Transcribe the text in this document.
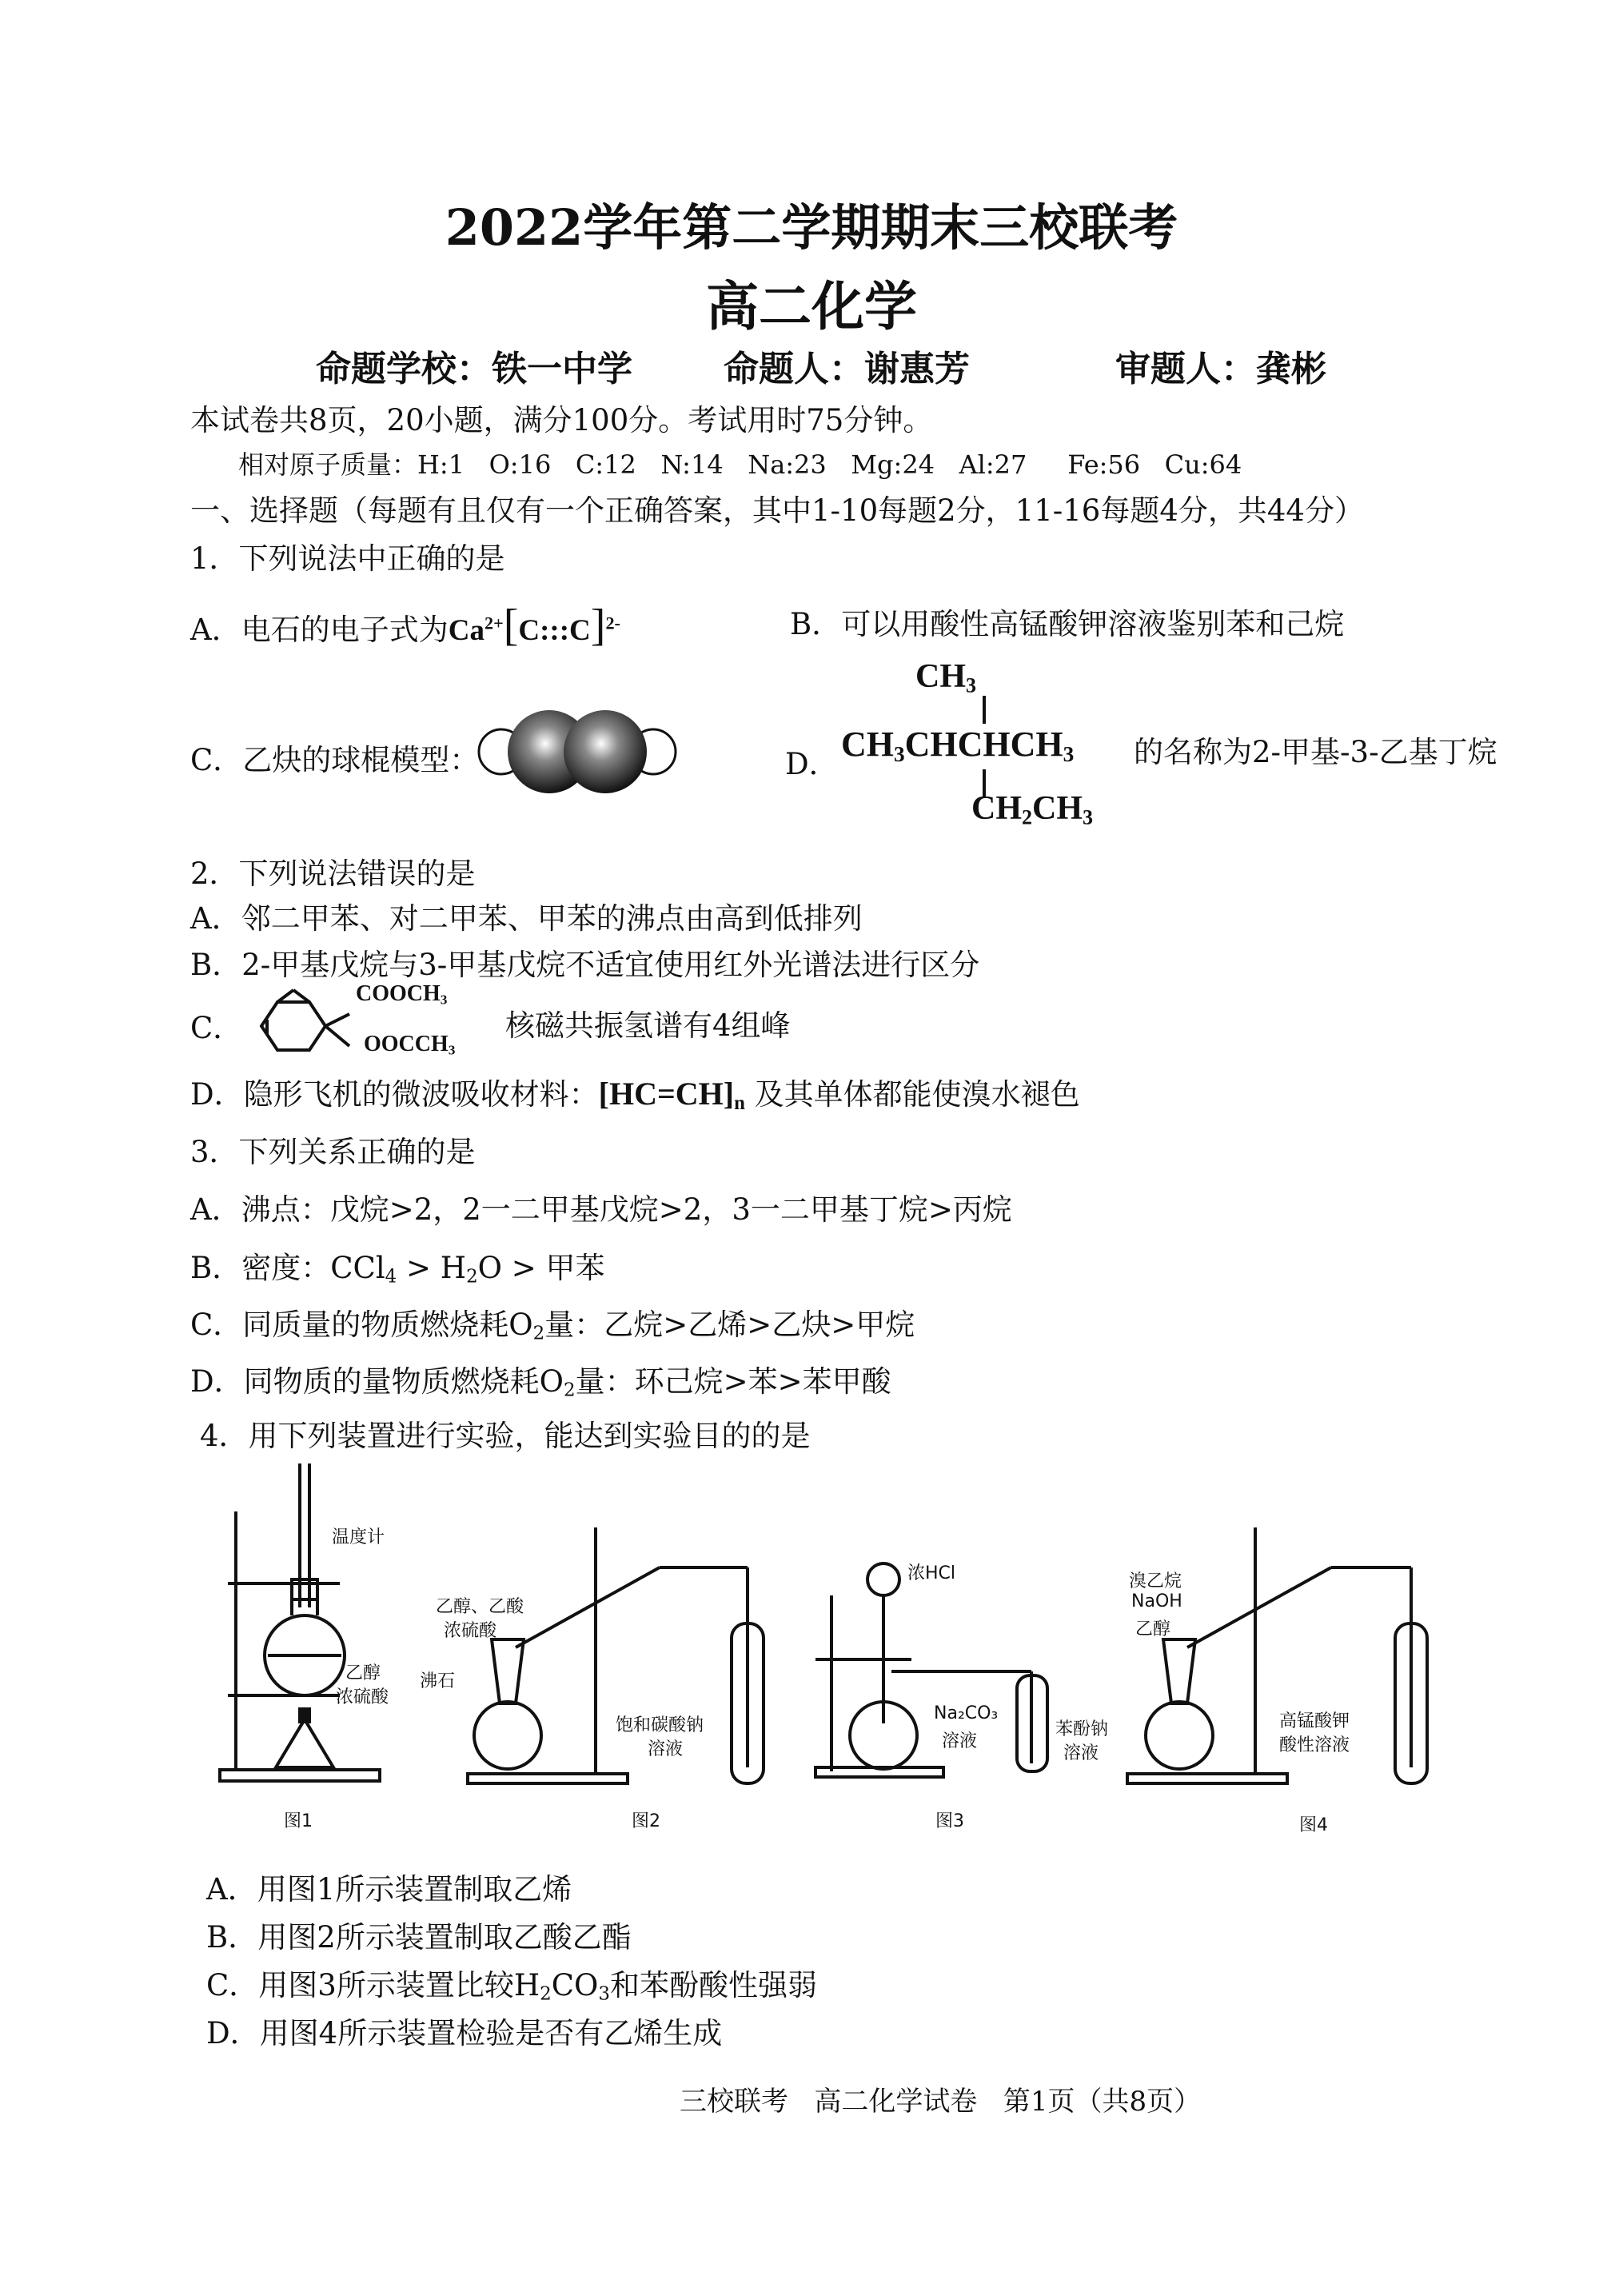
2022学年第二学期期末三校联考
高二化学
命题学校：铁一中学	命题人：谢惠芳	审题人：龚彬
本试卷共8页，20小题，满分100分。考试用时75分钟。
相对原子质量：H:1   O:16   C:12   N:14   Na:23   Mg:24   Al:27     Fe:56   Cu:64
一、选择题（每题有且仅有一个正确答案，其中1-10每题2分，11-16每题4分，共44分）
1．下列说法中正确的是
A．电石的电子式为$Ca^{2+}[C:::C]^{2-}$	B．可以用酸性高锰酸钾溶液鉴别苯和己烷
C．乙炔的球棍模型：
$CH_3$
D．
$CH_3CHCHCH_3$ 的名称为2-甲基-3-乙基丁烷
$CH_2CH_3$
2．下列说法错误的是
A．邻二甲苯、对二甲苯、甲苯的沸点由高到低排列
B．2-甲基戊烷与3-甲基戊烷不适宜使用红外光谱法进行区分
C．
$COOCH_3$
$OOCCH_3$
核磁共振氢谱有4组峰
D．隐形飞机的微波吸收材料：$[HC=CH]_n$ 及其单体都能使溴水褪色
3．下列关系正确的是
A．沸点：戊烷>2，2一二甲基戊烷>2，3一二甲基丁烷>丙烷
B．密度：$CCl_4 > H_2O$ > 甲苯
C．同质量的物质燃烧耗$O_2$量：乙烷>乙烯>乙炔>甲烷
D．同物质的量物质燃烧耗$O_2$量：环己烷>苯>苯甲酸
4．用下列装置进行实验，能达到实验目的的是
温度计
乙醇
浓硫酸
图1
乙醇、乙酸
浓硫酸
沸石
饱和碳酸钠
溶液
图2
浓HCl
Na₂CO₃
溶液
苯酚钠
溶液
图3
溴乙烷
NaOH
乙醇
高锰酸钾
酸性溶液
图4
A．用图1所示装置制取乙烯
B．用图2所示装置制取乙酸乙酯
C．用图3所示装置比较$H_2CO_3$和苯酚酸性强弱
D．用图4所示装置检验是否有乙烯生成
三校联考   高二化学试卷   第1页（共8页）
